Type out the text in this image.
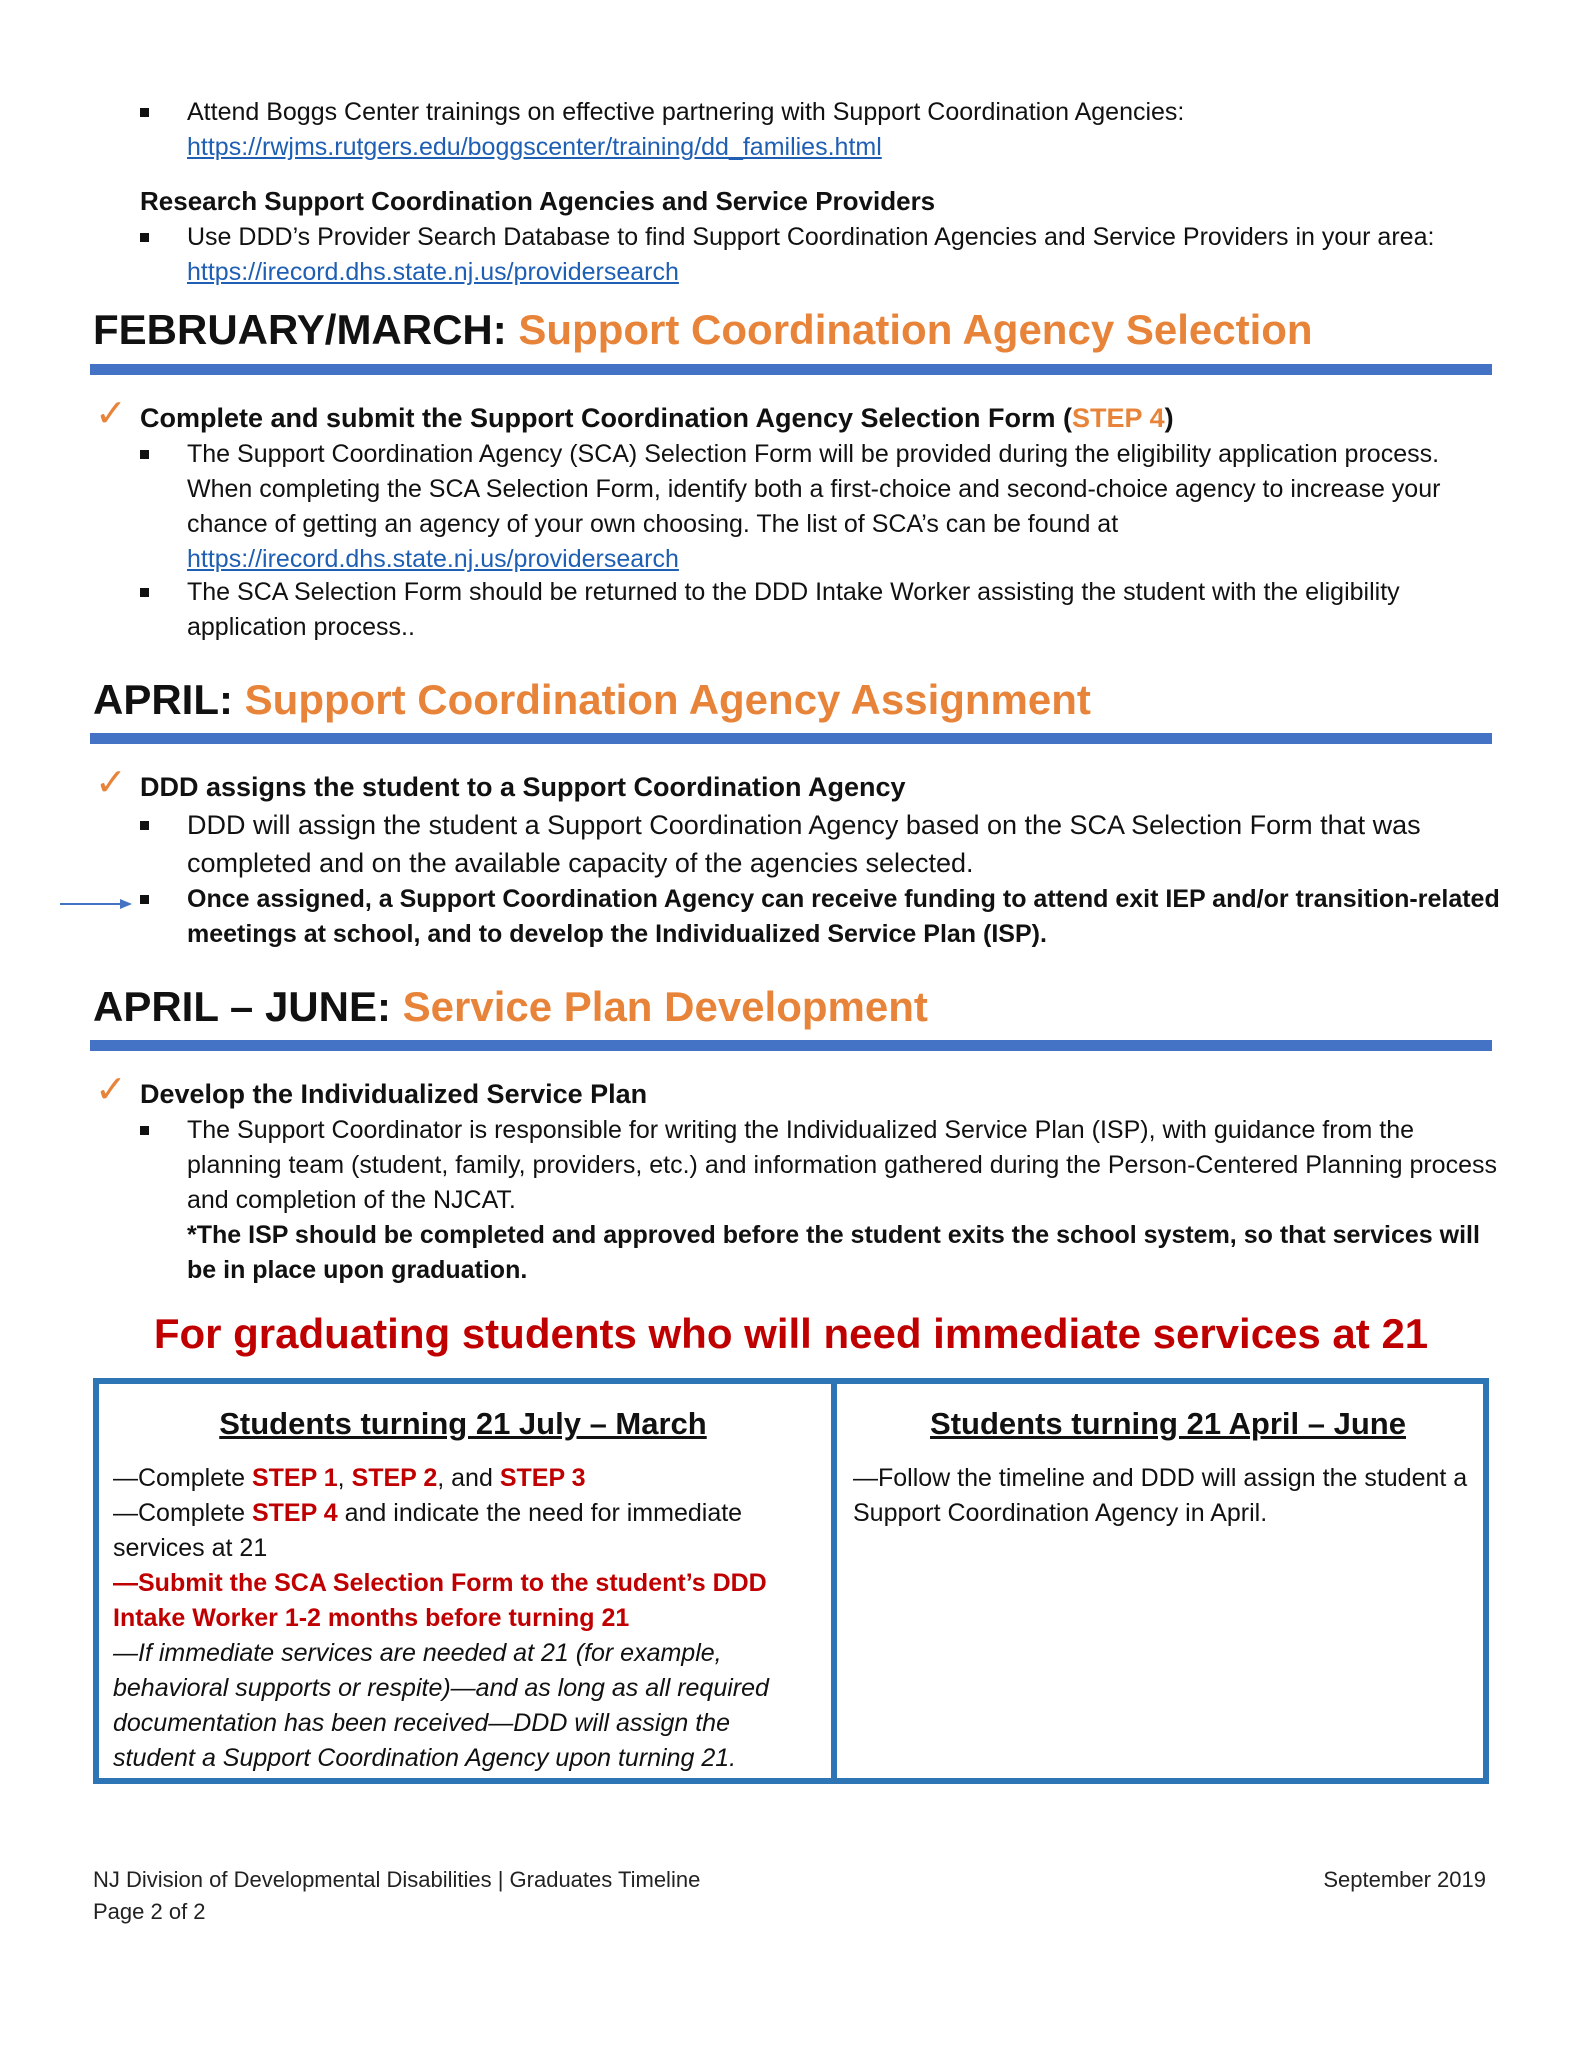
Attend Boggs Center trainings on effective partnering with Support Coordination Agencies:
https://rwjms.rutgers.edu/boggscenter/training/dd_families.html
Research Support Coordination Agencies and Service Providers
Use DDD’s Provider Search Database to find Support Coordination Agencies and Service Providers in your area:
https://irecord.dhs.state.nj.us/providersearch
FEBRUARY/MARCH: Support Coordination Agency Selection
✓ Complete and submit the Support Coordination Agency Selection Form (STEP 4)
The Support Coordination Agency (SCA) Selection Form will be provided during the eligibility application process. When completing the SCA Selection Form, identify both a first-choice and second-choice agency to increase your chance of getting an agency of your own choosing. The list of SCA’s can be found at
https://irecord.dhs.state.nj.us/providersearch
The SCA Selection Form should be returned to the DDD Intake Worker assisting the student with the eligibility application process..
APRIL: Support Coordination Agency Assignment
✓ DDD assigns the student to a Support Coordination Agency
DDD will assign the student a Support Coordination Agency based on the SCA Selection Form that was completed and on the available capacity of the agencies selected.
Once assigned, a Support Coordination Agency can receive funding to attend exit IEP and/or transition-related meetings at school, and to develop the Individualized Service Plan (ISP).
APRIL – JUNE: Service Plan Development
✓ Develop the Individualized Service Plan
The Support Coordinator is responsible for writing the Individualized Service Plan (ISP), with guidance from the planning team (student, family, providers, etc.) and information gathered during the Person-Centered Planning process and completion of the NJCAT.
*The ISP should be completed and approved before the student exits the school system, so that services will be in place upon graduation.
For graduating students who will need immediate services at 21
Students turning 21 July – March

—Complete STEP 1, STEP 2, and STEP 3

—Complete STEP 4 and indicate the need for immediate services at 21

—Submit the SCA Selection Form to the student’s DDD Intake Worker 1-2 months before turning 21

—If immediate services are needed at 21 (for example, behavioral supports or respite)—and as long as all required documentation has been received—DDD will assign the student a Support Coordination Agency upon turning 21.

Students turning 21 April – June

—Follow the timeline and DDD will assign the student a Support Coordination Agency in April.

NJ Division of Developmental Disabilities | Graduates Timeline
Page 2 of 2
September 2019
